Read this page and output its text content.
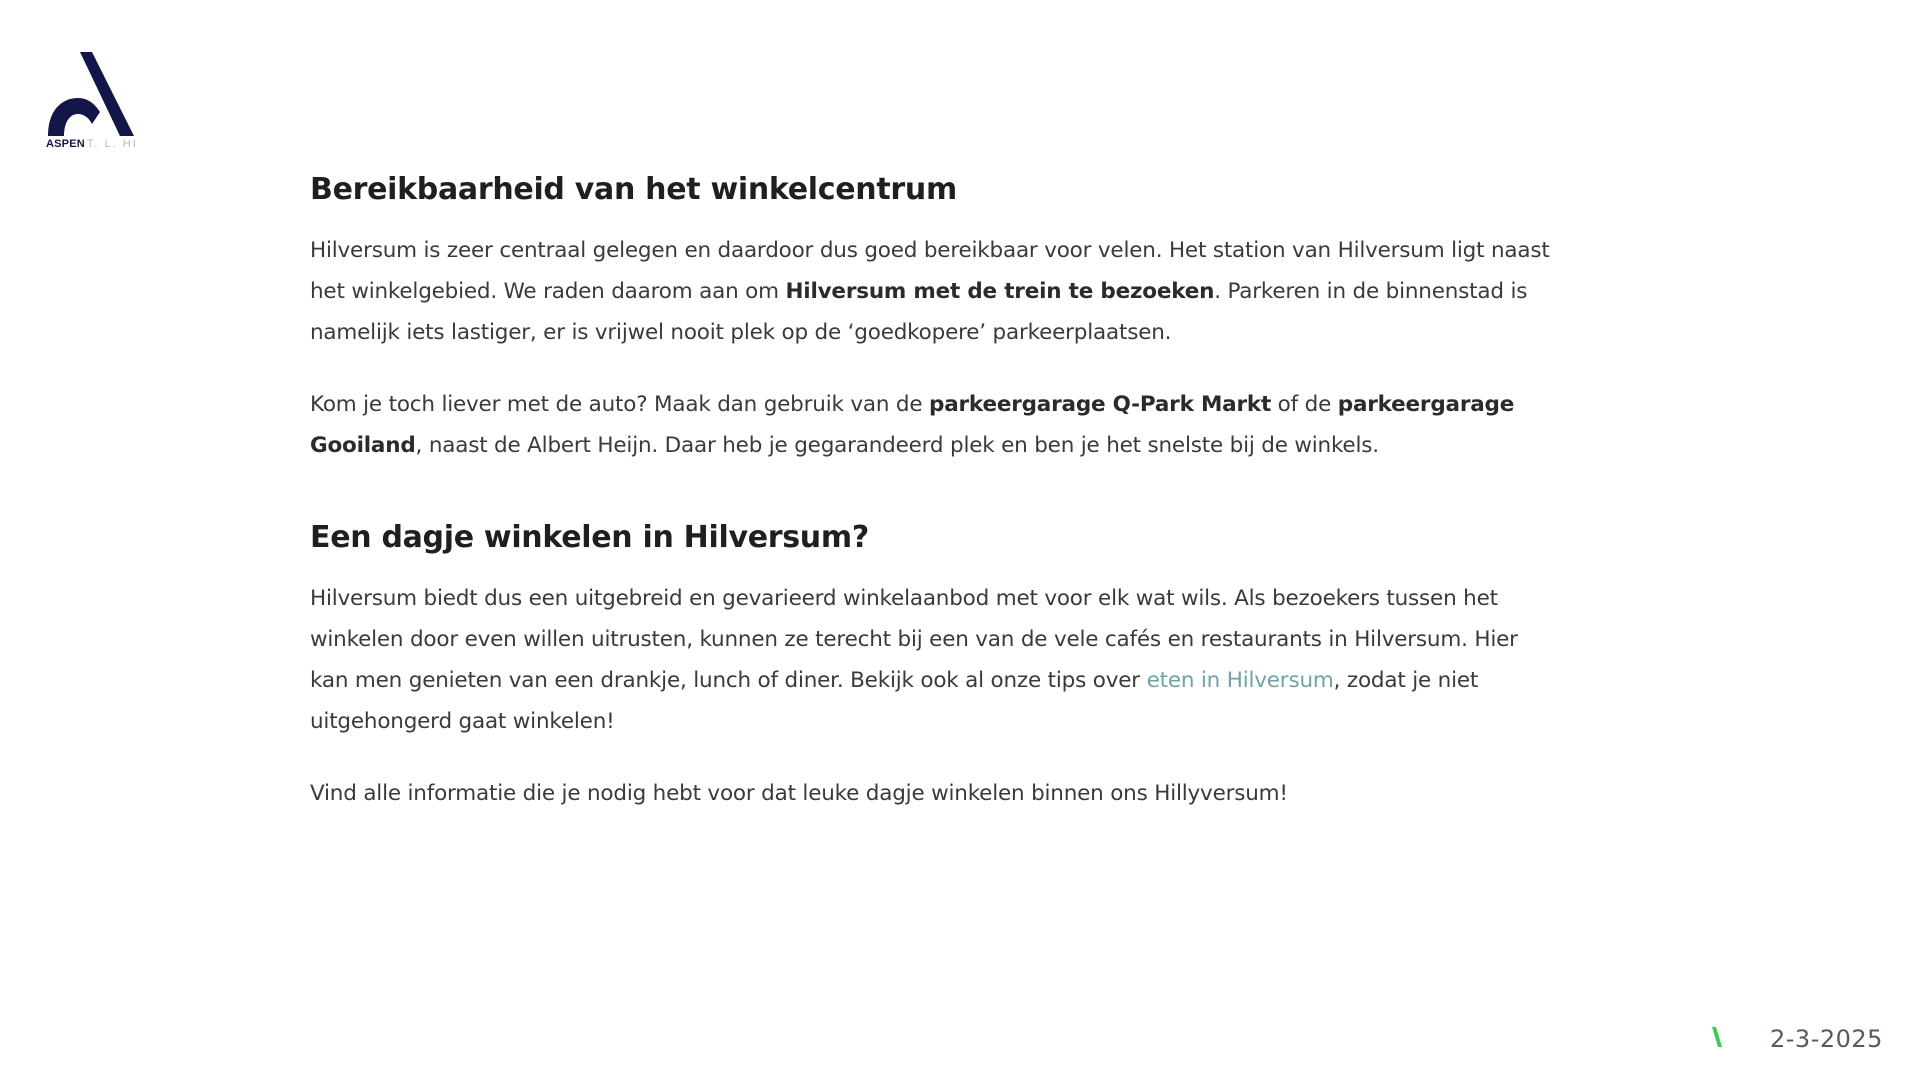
ASPEN T. L. HI
Bereikbaarheid van het winkelcentrum

Hilversum is zeer centraal gelegen en daardoor dus goed bereikbaar voor velen. Het station van Hilversum ligt naast het winkelgebied. We raden daarom aan om Hilversum met de trein te bezoeken. Parkeren in de binnenstad is namelijk iets lastiger, er is vrijwel nooit plek op de ‘goedkopere’ parkeerplaatsen.

Kom je toch liever met de auto? Maak dan gebruik van de parkeergarage Q-Park Markt of de parkeergarage Gooiland, naast de Albert Heijn. Daar heb je gegarandeerd plek en ben je het snelste bij de winkels.

Een dagje winkelen in Hilversum?

Hilversum biedt dus een uitgebreid en gevarieerd winkelaanbod met voor elk wat wils. Als bezoekers tussen het winkelen door even willen uitrusten, kunnen ze terecht bij een van de vele cafés en restaurants in Hilversum. Hier kan men genieten van een drankje, lunch of diner. Bekijk ook al onze tips over eten in Hilversum, zodat je niet uitgehongerd gaat winkelen!

Vind alle informatie die je nodig hebt voor dat leuke dagje winkelen binnen ons Hillyversum!

2-3-2025
